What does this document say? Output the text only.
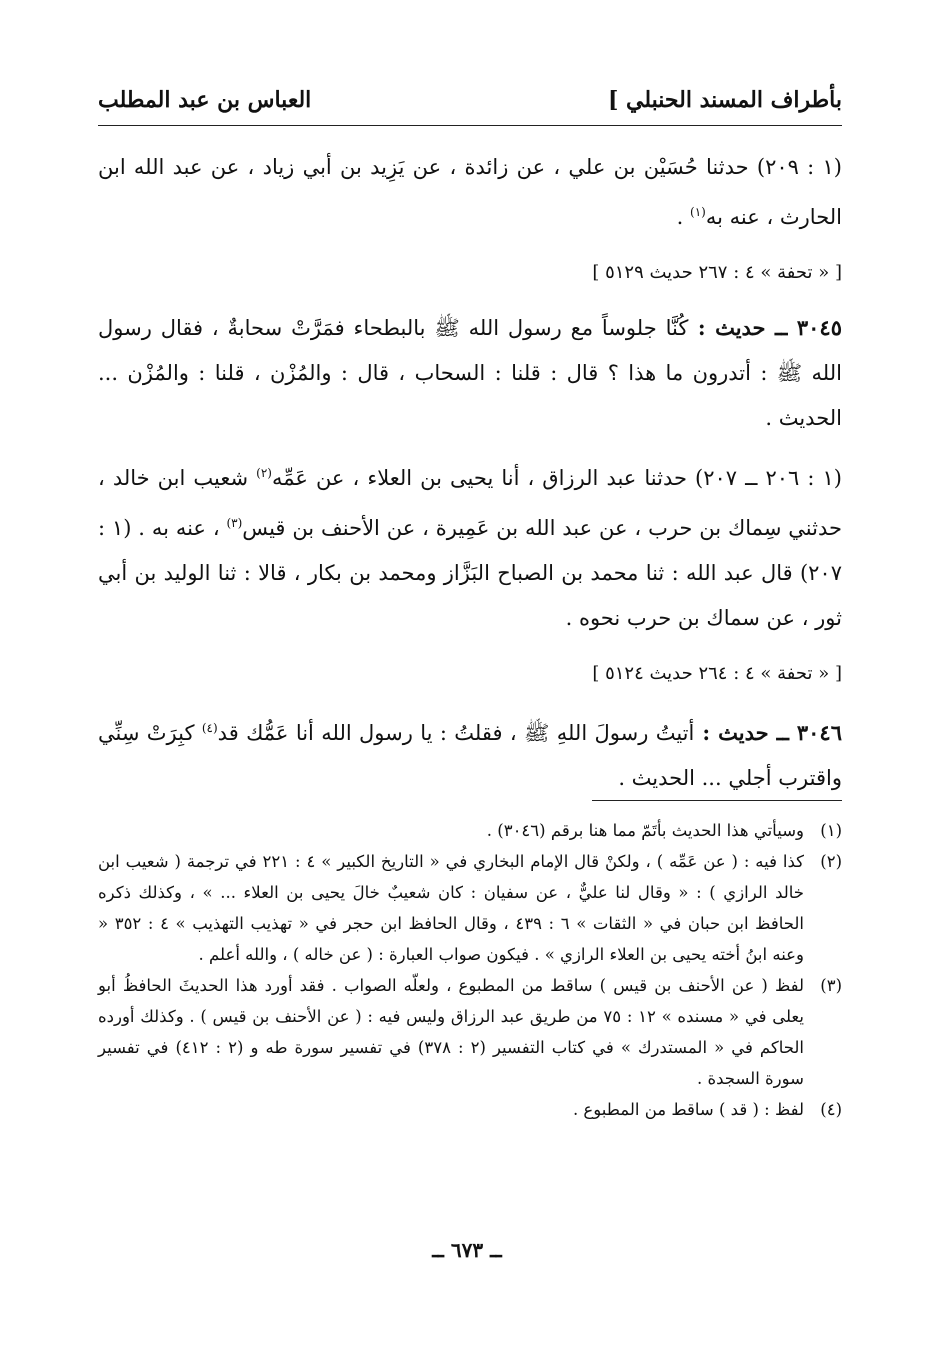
بأطراف المسند الحنبلي ]
العباس بن عبد المطلب

(١ : ٢٠٩) حدثنا حُسَيْن بن علي ، عن زائدة ، عن يَزِيد بن أبي زياد ، عن عبد الله ابن الحارث ، عنه به$^{(١)}$ .

[ « تحفة » ٤ : ٢٦٧ حديث ٥١٢٩ ]

٣٠٤٥ ــ حديث : كُنَّا جلوساً مع رسول الله ﷺ بالبطحاء فمَرَّتْ سحابةٌ ، فقال رسول الله ﷺ : أتدرون ما هذا ؟ قال : قلنا : السحاب ، قال : والمُزْن ، قلنا : والمُزْن ... الحديث .

(١ : ٢٠٦ ــ ٢٠٧) حدثنا عبد الرزاق ، أنا يحيى بن العلاء ، عن عَمِّه$^{(٢)}$ شعيب ابن خالد ، حدثني سِماك بن حرب ، عن عبد الله بن عَمِيرة ، عن الأحنف بن قيس$^{(٣)}$ ، عنه به . (١ : ٢٠٧) قال عبد الله : ثنا محمد بن الصباح البَزَّاز ومحمد بن بكار ، قالا : ثنا الوليد بن أبي ثور ، عن سماك بن حرب نحوه .

[ « تحفة » ٤ : ٢٦٤ حديث ٥١٢٤ ]

٣٠٤٦ ــ حديث : أتيتُ رسولَ اللهِ ﷺ ، فقلتُ : يا رسول الله أنا عَمُّك قد$^{(٤)}$ كبِرَتْ سِنِّي واقترب أجلي ... الحديث .

(١)
وسيأتي هذا الحديث بأتَمّ مما هنا برقم (٣٠٤٦) .

(٢)
كذا فيه : ( عن عَمِّه ) ، ولكنْ قال الإمام البخاري في « التاريخ الكبير » ٤ : ٢٢١ في ترجمة ( شعيب ابن خالد الرازي ) : « وقال لنا عليٌّ ، عن سفيان : كان شعيبٌ خالَ يحيى بن العلاء ... » ، وكذلك ذكره الحافظ ابن حبان في « الثقات » ٦ : ٤٣٩ ، وقال الحافظ ابن حجر في « تهذيب التهذيب » ٤ : ٣٥٢ « وعنه ابنُ أخته يحيى بن العلاء الرازي » . فيكون صواب العبارة : ( عن خاله ) ، والله أعلم .

(٣)
لفظ ( عن الأحنف بن قيس ) ساقط من المطبوع ، ولعلّه الصواب . فقد أورد هذا الحديثَ الحافظُ أبو يعلى في « مسنده » ١٢ : ٧٥ من طريق عبد الرزاق وليس فيه : ( عن الأحنف بن قيس ) . وكذلك أورده الحاكم في « المستدرك » في كتاب التفسير (٢ : ٣٧٨) في تفسير سورة طه و (٢ : ٤١٢) في تفسير سورة السجدة .

(٤)
لفظ : ( قد ) ساقط من المطبوع .

ــ ٦٧٣ ــ
